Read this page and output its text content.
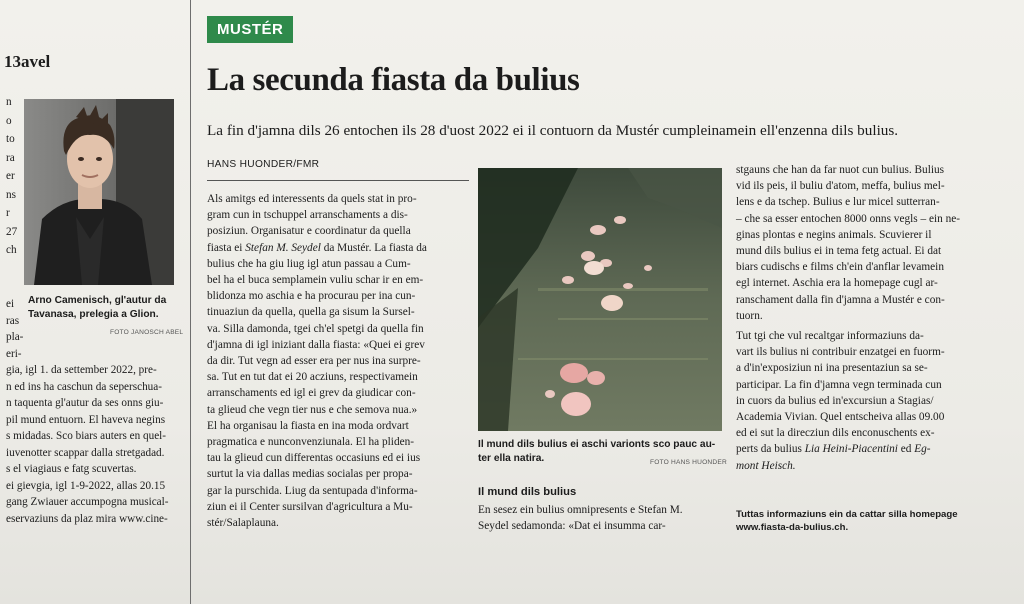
13avel
n
o
to
ra
er
ns
r
27
ch
Arno Camenisch, gl'autur da Tavanasa, prelegia a Glion.
FOTO JANOSCH ABEL
ei
ras
pla-
eri-
gia, igl 1. da settember 2022, pre-
n ed ins ha caschun da seperschua-
n taquenta gl'autur da ses onns giu-
pil mund entuorn. El haveva negins
s midadas. Sco biars auters en quel-
iuvenotter scappar dalla stretgadad.
s el viagiaus e fatg scuvertas.
ei gievgia, igl 1-9-2022, allas 20.15
gang Zwiauer accumpogna musical-
eservaziuns da plaz mira www.cine-
MUSTÉR
La secunda fiasta da bulius
La fin d'jamna dils 26 entochen ils 28 d'uost 2022 ei il contuorn da Mustér cumpleinamein ell'enzenna dils bulius.
HANS HUONDER/FMR
Als amitgs ed interessents da quels stat in pro-
gram cun in tschuppel arranschaments a dis-
posiziun. Organisatur e coordinatur da quella
fiasta ei Stefan M. Seydel da Mustér. La fiasta da
bulius che ha giu liug igl atun passau a Cum-
bel ha el buca semplamein vuliu schar ir en em-
blidonza mo aschia e ha procurau per ina cun-
tinuaziun da quella, quella ga sisum la Sursel-
va. Silla damonda, tgei ch'el spetgi da quella fin
d'jamna di igl iniziant dalla fiasta: «Quei ei grev
da dir. Tut vegn ad esser era per nus ina surpre-
sa. Tut en tut dat ei 20 acziuns, respectivamein
arranschaments ed igl ei grev da giudicar con-
ta glieud che vegn tier nus e che semova nua.»
El ha organisau la fiasta en ina moda ordvart
pragmatica e nunconvenziunala. El ha pliden-
tau la glieud cun differentas occasiuns ed ei ius
surtut la via dallas medias socialas per propa-
gar la purschida. Liug da sentupada d'informa-
ziun ei il Center sursilvan d'agricultura a Mu-
stér/Salaplauna.
Il mund dils bulius ei aschi varionts sco pauc au-
ter ella natira.	FOTO HANS HUONDER
Il mund dils bulius
En sesez ein bulius omnipresents e Stefan M.
Seydel sedamonda: «Dat ei insumma car-
stgauns che han da far nuot cun bulius. Bulius
vid ils peis, il buliu d'atom, meffa, bulius mel-
lens e da tschep. Bulius e lur micel sutterran-
– che sa esser entochen 8000 onns vegls – ein ne-
ginas plontas e negins animals. Scuvierer il
mund dils bulius ei in tema fetg actual. Ei dat
biars cudischs e films ch'ein d'anflar levamein
egl internet. Aschia era la homepage cugl ar-
ranschament dalla fin d'jamna a Mustér e con-
tuorn.
Tut tgi che vul recaltgar informaziuns da-
vart ils bulius ni contribuir enzatgei en fuorm-
a d'in'exposiziun ni ina presentaziun sa se-
participar. La fin d'jamna vegn terminada cun
in cuors da bulius ed in'excursiun a Stagias/
Academia Vivian. Quel entscheiva allas 09.00
ed ei sut la direcziun dils enconuschents ex-
perts da bulius Lia Heini-Piacentini ed Eg-
mont Heisch.
Tuttas informaziuns ein da cattar silla homepage
www.fiasta-da-bulius.ch.
